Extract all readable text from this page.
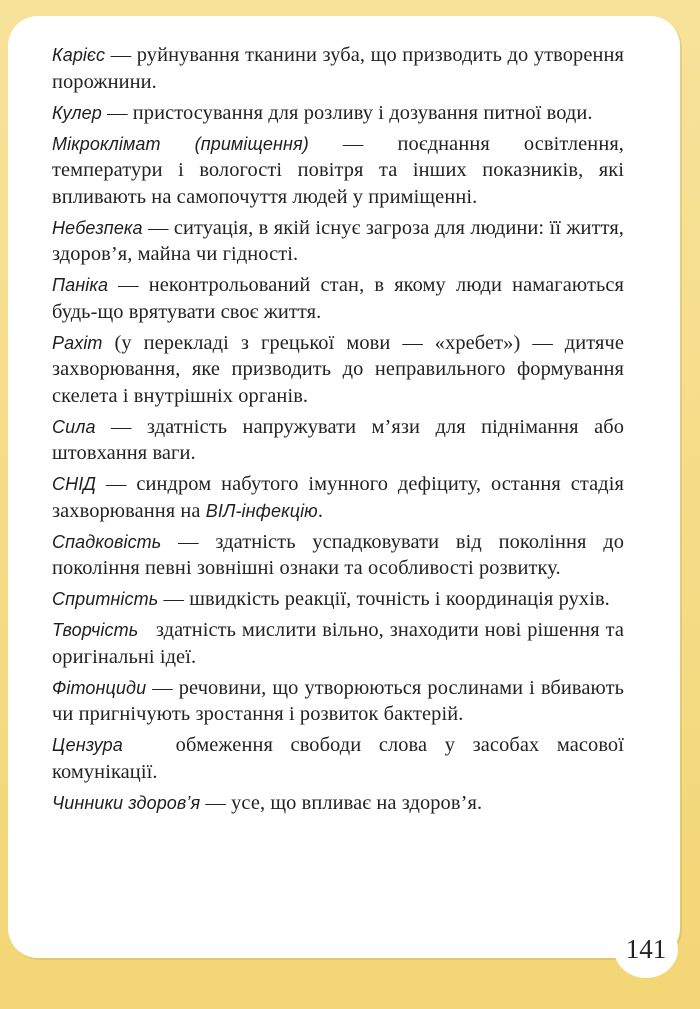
Карієс — руйнування тканини зуба, що призводить до утворення порожнини.

Кулер — пристосування для розливу і дозування питної води.

Мікроклімат (приміщення) — поєднання освітлення, температури і вологості повітря та інших показників, які впливають на самопочуття людей у приміщенні.

Небезпека — ситуація, в якій існує загроза для людини: її життя, здоров’я, майна чи гідності.

Паніка — неконтрольований стан, в якому люди намагаються будь-що врятувати своє життя.

Рахіт (у перекладі з грецької мови — «хребет») — дитяче захворювання, яке призводить до неправильного формування скелета і внутрішніх органів.

Сила — здатність напружувати м’язи для піднімання або штовхання ваги.

СНІД — синдром набутого імунного дефіциту, остання стадія захворювання на ВІЛ-інфекцію.

Спадковість — здатність успадковувати від покоління до покоління певні зовнішні ознаки та особливості розвитку.

Спритність — швидкість реакції, точність і координація рухів.

Творчість здатність мислити вільно, знаходити нові рішення та оригінальні ідеї.

Фітонциди — речовини, що утворюються рослинами і вбивають чи пригнічують зростання і розвиток бактерій.

Цензура	обмеження свободи слова у засобах масової комунікації.

Чинники здоров’я — усе, що впливає на здоров’я.

141
